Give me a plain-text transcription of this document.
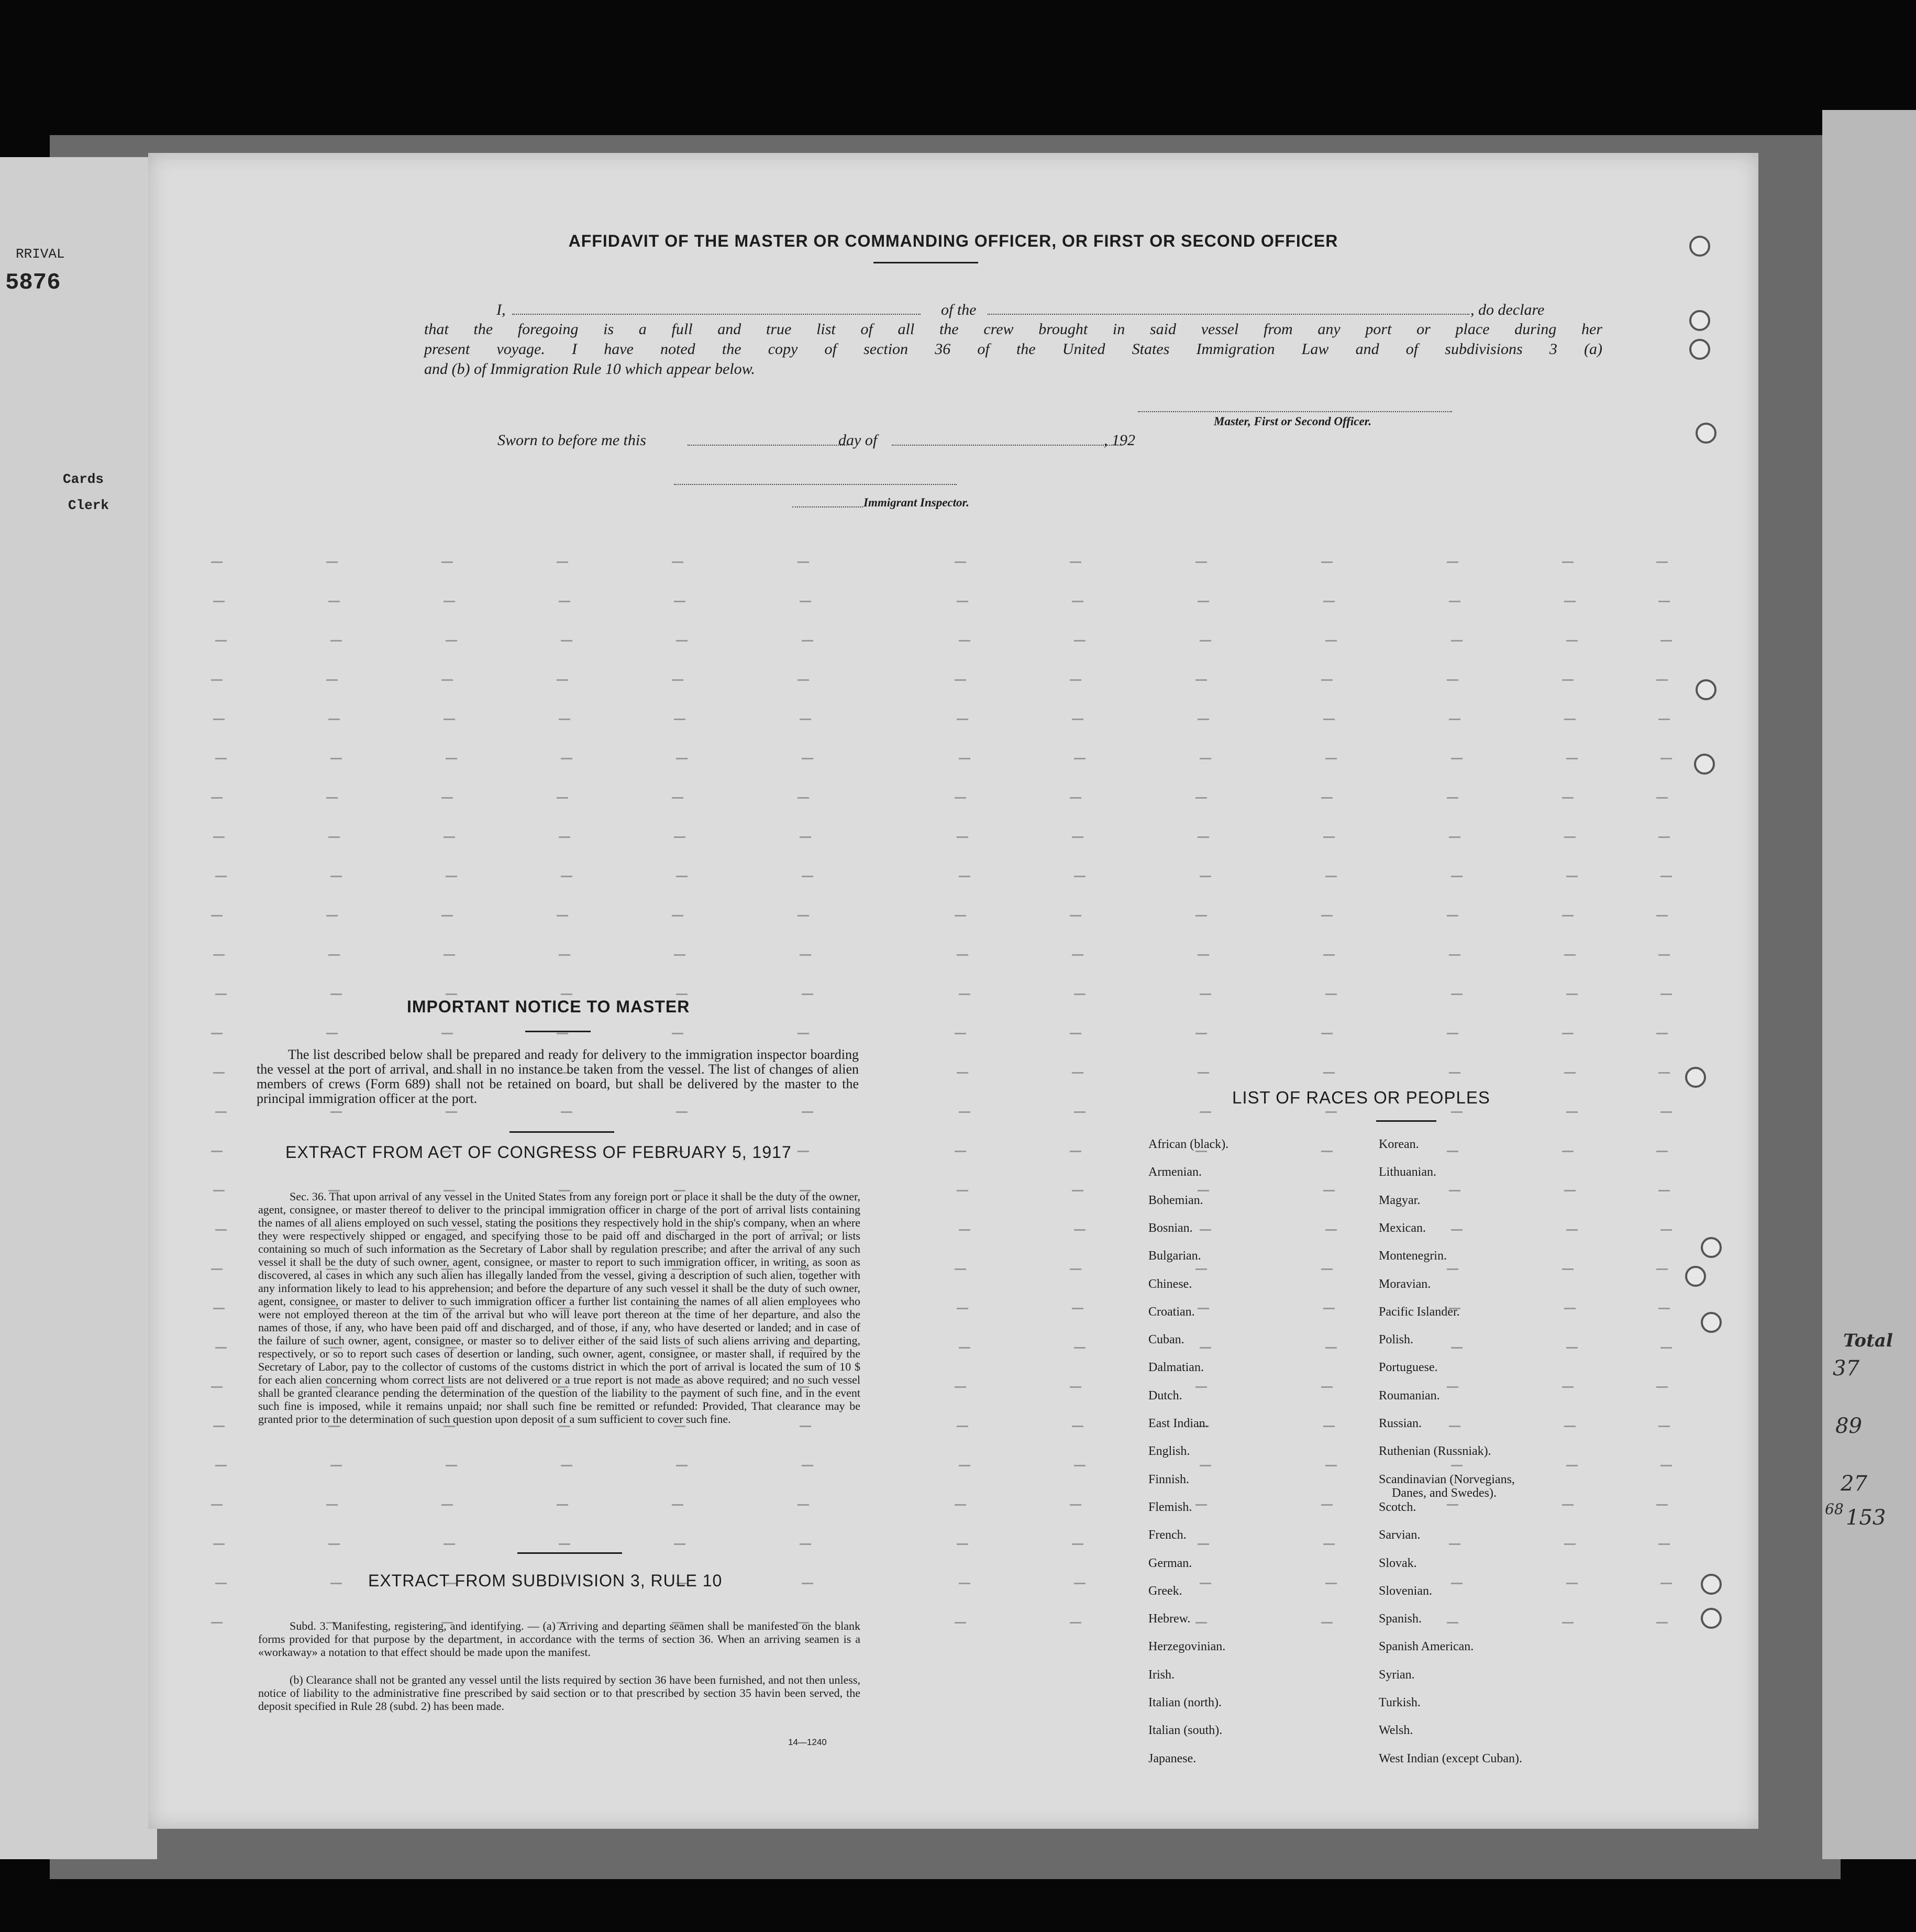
RRIVAL
5876
Cards
Clerk
Total
37
89
27
68 153
AFFIDAVIT OF THE MASTER OR COMMANDING OFFICER, OR FIRST OR SECOND OFFICER
I,	of the	, do declare
that the foregoing is a full and true list of all the crew brought in said vessel from any port or place during her
present voyage. I have noted the copy of section 36 of the United States Immigration Law and of subdivisions 3 (a)
and (b) of Immigration Rule 10 which appear below.
Master, First or Second Officer.
Sworn to before me this	day of	, 192
Immigrant Inspector.
IMPORTANT NOTICE TO MASTER
The list described below shall be prepared and ready for delivery to the immigration inspector boarding the vessel at the port of arrival, and shall in no instance be taken from the vessel. The list of changes of alien members of crews (Form 689) shall not be retained on board, but shall be delivered by the master to the principal immigration officer at the port.
EXTRACT FROM ACT OF CONGRESS OF FEBRUARY 5, 1917
Sec. 36. That upon arrival of any vessel in the United States from any foreign port or place it shall be the duty of the owner, agent, consignee, or master thereof to deliver to the principal immigration officer in charge of the port of arrival lists containing the names of all aliens employed on such vessel, stating the positions they respectively hold in the ship's company, when an where they were respectively shipped or engaged, and specifying those to be paid off and discharged in the port of arrival; or lists containing so much of such information as the Secretary of Labor shall by regulation prescribe; and after the arrival of any such vessel it shall be the duty of such owner, agent, consignee, or master to report to such immigration officer, in writing, as soon as discovered, al cases in which any such alien has illegally landed from the vessel, giving a description of such alien, together with any information likely to lead to his apprehension; and before the departure of any such vessel it shall be the duty of such owner, agent, consignee, or master to deliver to such immigration officer a further list containing the names of all alien employees who were not employed thereon at the tim of the arrival but who will leave port thereon at the time of her departure, and also the names of those, if any, who have been paid off and discharged, and of those, if any, who have deserted or landed; and in case of the failure of such owner, agent, consignee, or master so to deliver either of the said lists of such aliens arriving and departing, respectively, or so to report such cases of desertion or landing, such owner, agent, consignee, or master shall, if required by the Secretary of Labor, pay to the collector of customs of the customs district in which the port of arrival is located the sum of 10 $ for each alien concerning whom correct lists are not delivered or a true report is not made as above required; and no such vessel shall be granted clearance pending the determination of the question of the liability to the payment of such fine, and in the event such fine is imposed, while it remains unpaid; nor shall such fine be remitted or refunded: Provided, That clearance may be granted prior to the determination of such question upon deposit of a sum sufficient to cover such fine.
EXTRACT FROM SUBDIVISION 3, RULE 10
Subd. 3. Manifesting, registering, and identifying. — (a) Arriving and departing seamen shall be manifested on the blank forms provided for that purpose by the department, in accordance with the terms of section 36. When an arriving seamen is a «workaway» a notation to that effect should be made upon the manifest.
(b) Clearance shall not be granted any vessel until the lists required by section 36 have been furnished, and not then unless, notice of liability to the administrative fine prescribed by said section or to that prescribed by section 35 havin been served, the deposit specified in Rule 28 (subd. 2) has been made.
14—1240
LIST OF RACES OR PEOPLES
African (black).
Armenian.
Bohemian.
Bosnian.
Bulgarian.
Chinese.
Croatian.
Cuban.
Dalmatian.
Dutch.
East Indian.
English.
Finnish.
Flemish.
French.
German.
Greek.
Hebrew.
Herzegovinian.
Irish.
Italian (north).
Italian (south).
Japanese.
Korean.
Lithuanian.
Magyar.
Mexican.
Montenegrin.
Moravian.
Pacific Islander.
Polish.
Portuguese.
Roumanian.
Russian.
Ruthenian (Russniak).
Scandinavian (Norvegians,
Danes, and Swedes).
Scotch.
Sarvian.
Slovak.
Slovenian.
Spanish.
Spanish American.
Syrian.
Turkish.
Welsh.
West Indian (except Cuban).
